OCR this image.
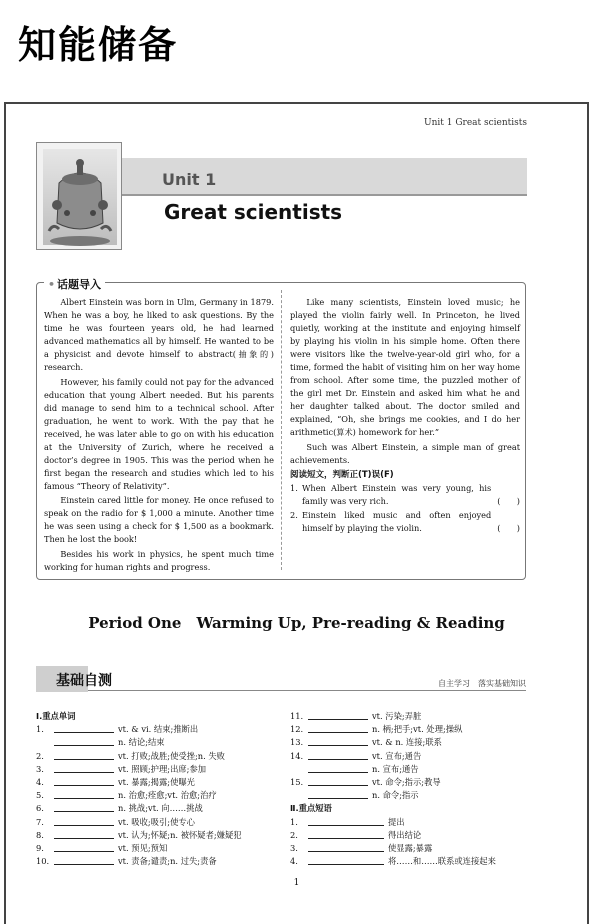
知能储备
Unit 1 Great scientists
Unit 1
Great scientists
• 话题导入

Albert Einstein was born in Ulm, Germany in 1879. When he was a boy, he liked to ask questions. By the time he was fourteen years old, he had learned advanced mathematics all by himself. He wanted to be a physicist and devote himself to abstract(抽象的) research.

However, his family could not pay for the advanced education that young Albert needed. But his parents did manage to send him to a technical school. After graduation, he went to work. With the pay that he received, he was later able to go on with his education at the University of Zurich, where he received a doctor’s degree in 1905. This was the period when he first began the research and studies which led to his famous “Theory of Relativity”.

Einstein cared little for money. He once refused to speak on the radio for $ 1,000 a minute. Another time he was seen using a check for $ 1,500 as a bookmark. Then he lost the book!

Besides his work in physics, he spent much time working for human rights and progress.

Like many scientists, Einstein loved music; he played the violin fairly well. In Princeton, he lived quietly, working at the institute and enjoying himself by playing his violin in his simple home. Often there were visitors like the twelve-year-old girl who, for a time, formed the habit of visiting him on her way home from school. After some time, the puzzled mother of the girl met Dr. Einstein and asked him what he and her daughter talked about. The doctor smiled and explained, “Oh, she brings me cookies, and I do her arithmetic(算术) homework for her.”

Such was Albert Einstein, a simple man of great achievements.

阅读短文，判断正(T)误(F)
1. When Albert Einstein was very young, his family was very rich.	(　　)
2. Einstein liked music and often enjoyed himself by playing the violin.	(　　)
Period One　Warming Up, Pre-reading & Reading
基础自测	自主学习　落实基础知识
Ⅰ.重点单词
1.	vt. & vi. 结束;推断出
n. 结论;结束
2.	vt. 打败;战胜;使受挫;n. 失败
3.	vt. 照顾;护理;出席;参加
4.	vt. 暴露;揭露;使曝光
5.	n. 治愈;痊愈;vt. 治愈;治疗
6.	n. 挑战;vt. 向……挑战
7.	vt. 吸收;吸引;使专心
8.	vt. 认为;怀疑;n. 被怀疑者;嫌疑犯
9.	vt. 预见;预知
10.	vt. 责备;谴责;n. 过失;责备
11.	vt. 污染;弄脏
12.	n. 柄;把手;vt. 处理;操纵
13.	vt. & n. 连接;联系
14.	vt. 宣布;通告
n. 宣布;通告
15.	vt. 命令;指示;教导
n. 命令;指示
Ⅱ.重点短语
1.	提出
2.	得出结论
3.	使显露;暴露
4.	将……和……联系或连接起来
1
